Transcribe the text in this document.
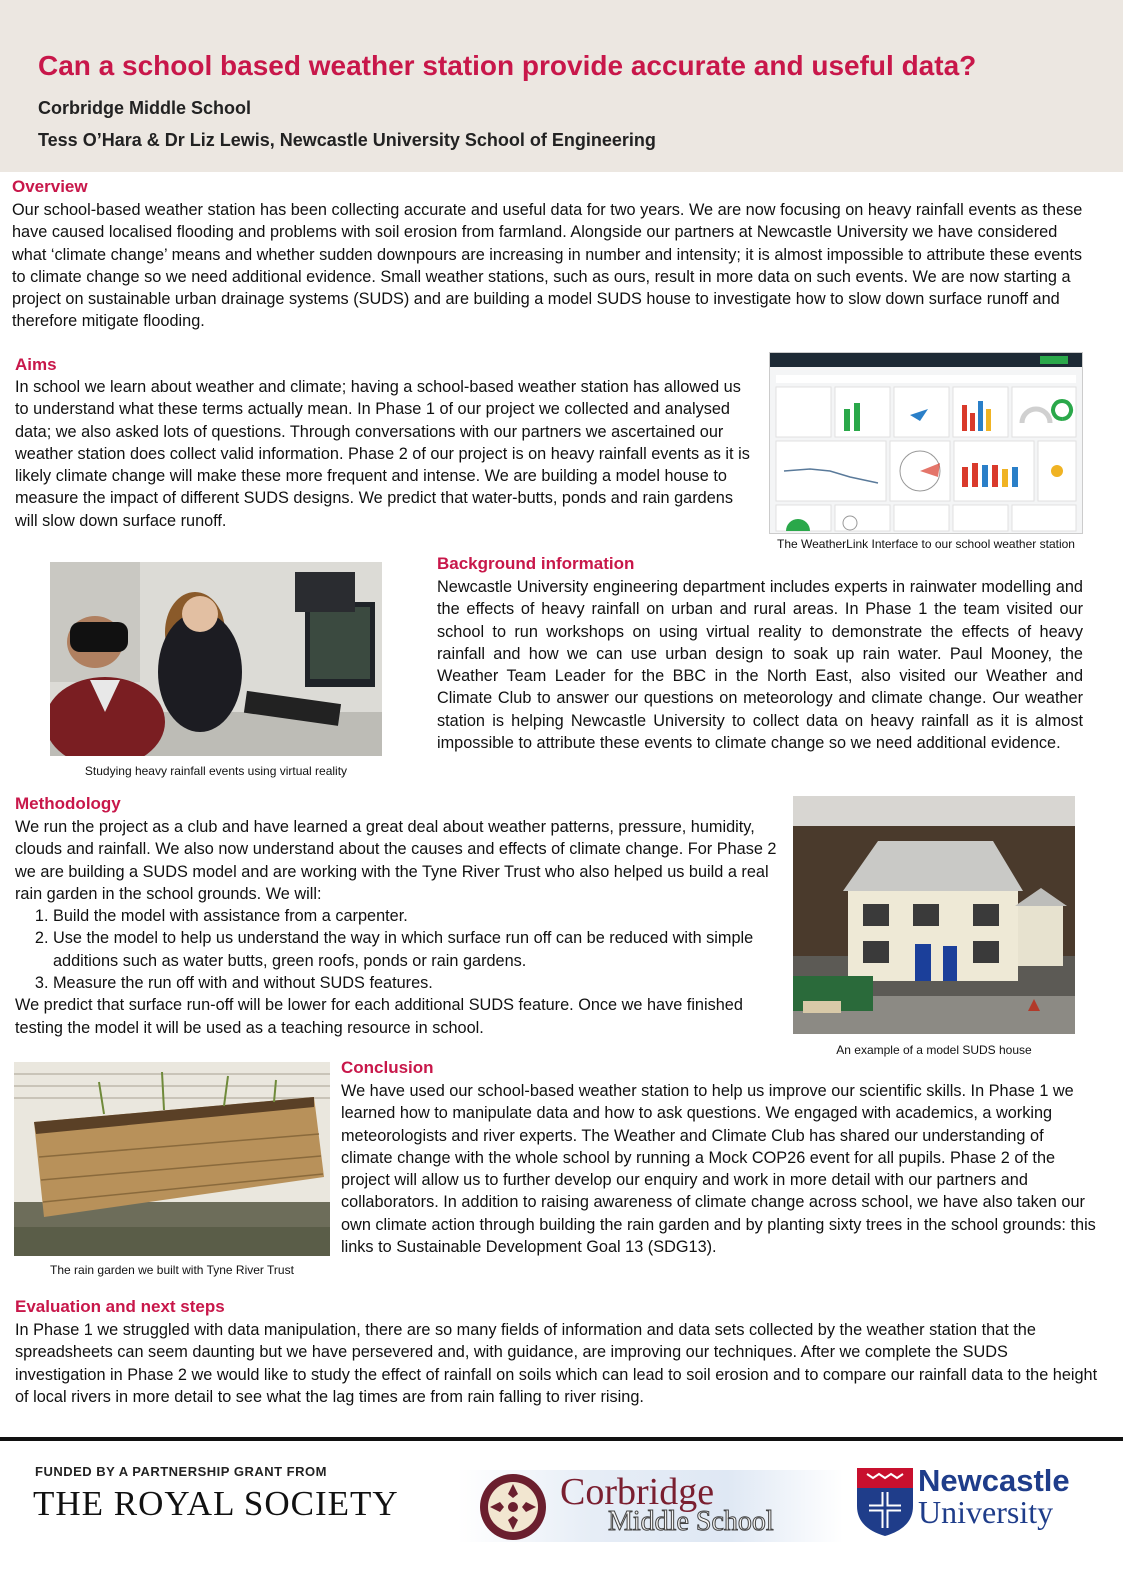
Can a school based weather station provide accurate and useful data?
Corbridge Middle School
Tess O’Hara & Dr Liz Lewis, Newcastle University School of Engineering
Overview

Our school-based weather station has been collecting accurate and useful data for two years. We are now focusing on heavy rainfall events as these have caused localised flooding and problems with soil erosion from farmland. Alongside our partners at Newcastle University we have considered what ‘climate change’ means and whether sudden downpours are increasing in number and intensity; it is almost impossible to attribute these events to climate change so we need additional evidence. Small weather stations, such as ours, result in more data on such events. We are now starting a project on sustainable urban drainage systems (SUDS) and are building a model SUDS house to investigate how to slow down surface runoff and therefore mitigate flooding.

Aims

In school we learn about weather and climate; having a school-based weather station has allowed us to understand what these terms actually mean. In Phase 1 of our project we collected and analysed data; we also asked lots of questions. Through conversations with our partners we ascertained our weather station does collect valid information. Phase 2 of our project is on heavy rainfall events as it is likely climate change will make these more frequent and intense. We are building a model house to measure the impact of different SUDS designs. We predict that water-butts, ponds and rain gardens will slow down surface runoff.

The WeatherLink Interface to our school weather station
Studying heavy rainfall events using virtual reality
Background information

Newcastle University engineering department includes experts in rainwater modelling and the effects of heavy rainfall on urban and rural areas. In Phase 1 the team visited our school to run workshops on using virtual reality to demonstrate the effects of heavy rainfall and how we can use urban design to soak up rain water. Paul Mooney, the Weather Team Leader for the BBC in the North East, also visited our Weather and Climate Club to answer our questions on meteorology and climate change. Our weather station is helping Newcastle University to collect data on heavy rainfall as it is almost impossible to attribute these events to climate change so we need additional evidence.

Methodology

We run the project as a club and have learned a great deal about weather patterns, pressure, humidity, clouds and rainfall. We also now understand about the causes and effects of climate change. For Phase 2 we are building a SUDS model and are working with the Tyne River Trust who also helped us build a real rain garden in the school grounds. We will:

1. Build the model with assistance from a carpenter.
2. Use the model to help us understand the way in which surface run off can be reduced with simple additions such as water butts, green roofs, ponds or rain gardens.
3. Measure the run off with and without SUDS features.

We predict that surface run-off will be lower for each additional SUDS feature. Once we have finished testing the model it will be used as a teaching resource in school.

An example of a model SUDS house
The rain garden we built with Tyne River Trust
Conclusion

We have used our school-based weather station to help us improve our scientific skills. In Phase 1 we learned how to manipulate data and how to ask questions. We engaged with academics, a working meteorologists and river experts. The Weather and Climate Club has shared our understanding of climate change with the whole school by running a Mock COP26 event for all pupils. Phase 2 of the project will allow us to further develop our enquiry and work in more detail with our partners and collaborators. In addition to raising awareness of climate change across school, we have also taken our own climate action through building the rain garden and by planting sixty trees in the school grounds: this links to Sustainable Development Goal 13 (SDG13).

Evaluation and next steps

In Phase 1 we struggled with data manipulation, there are so many fields of information and data sets collected by the weather station that the spreadsheets can seem daunting but we have persevered and, with guidance, are improving our techniques. After we complete the SUDS investigation in Phase 2 we would like to study the effect of rainfall on soils which can lead to soil erosion and to compare our rainfall data to the height of local rivers in more detail to see what the lag times are from rain falling to river rising.

FUNDED BY A PARTNERSHIP GRANT FROM
THE ROYAL SOCIETY	Corbridge
Middle School
Newcastle
University
